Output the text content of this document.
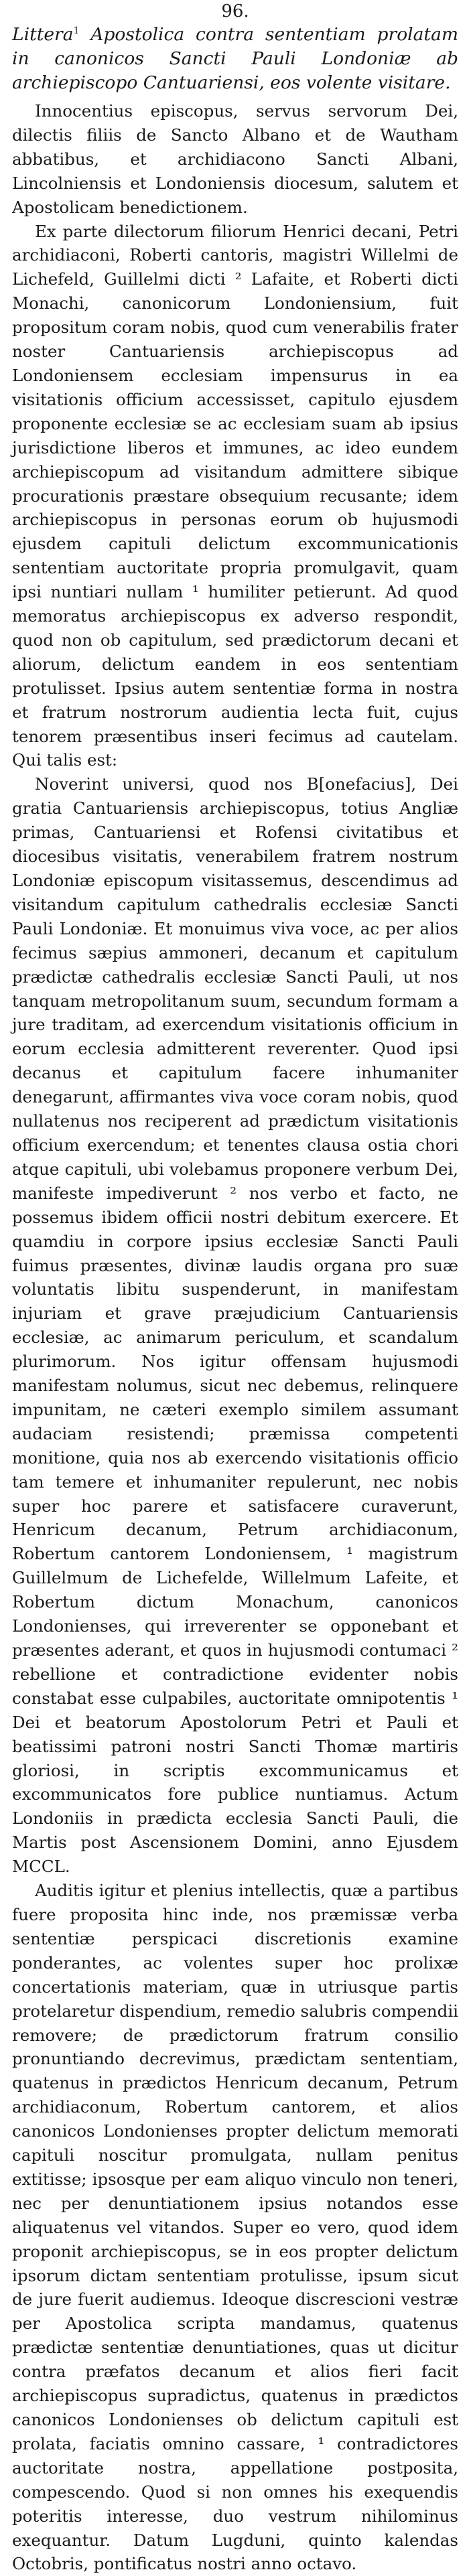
96.

Littera$^1$ Apostolica contra sententiam prolatam in canonicos Sancti Pauli Londoniæ ab archiepiscopo Cantuariensi, eos volente visitare.

Innocentius episcopus, servus servorum Dei, dilectis filiis de Sancto Albano et de Wautham abbatibus, et archidiacono Sancti Albani, Lincolniensis et Londoniensis diocesum, salutem et Apostolicam benedictionem.

Ex parte dilectorum filiorum Henrici decani, Petri archidiaconi, Roberti cantoris, magistri Willelmi de Lichefeld, Guillelmi dicti ² Lafaite, et Roberti dicti Monachi, canonicorum Londoniensium, fuit propositum coram nobis, quod cum venerabilis frater noster Cantuariensis archiepiscopus ad Londoniensem ecclesiam impensurus in ea visitationis officium accessisset, capitulo ejusdem proponente ecclesiæ se ac ecclesiam suam ab ipsius jurisdictione liberos et immunes, ac ideo eundem archiepiscopum ad visitandum admittere sibique procurationis præstare obsequium recusante; idem archiepiscopus in personas eorum ob hujusmodi ejusdem capituli delictum excommunicationis sententiam auctoritate propria promulgavit, quam ipsi nuntiari nullam ¹ humiliter petierunt. Ad quod memoratus archiepiscopus ex adverso respondit, quod non ob capitulum, sed prædictorum decani et aliorum, delictum eandem in eos sententiam protulisset. Ipsius autem sententiæ forma in nostra et fratrum nostrorum audientia lecta fuit, cujus tenorem præsentibus inseri fecimus ad cautelam. Qui talis est:

Noverint universi, quod nos B[onefacius], Dei gratia Cantuariensis archiepiscopus, totius Angliæ primas, Cantuariensi et Rofensi civitatibus et diocesibus visitatis, venerabilem fratrem nostrum Londoniæ episcopum visitassemus, descendimus ad visitandum capitulum cathedralis ecclesiæ Sancti Pauli Londoniæ. Et monuimus viva voce, ac per alios fecimus sæpius ammoneri, decanum et capitulum prædictæ cathedralis ecclesiæ Sancti Pauli, ut nos tanquam metropolitanum suum, secundum formam a jure traditam, ad exercendum visitationis officium in eorum ecclesia admitterent reverenter. Quod ipsi decanus et capitulum facere inhumaniter denegarunt, affirmantes viva voce coram nobis, quod nullatenus nos reciperent ad prædictum visitationis officium exercendum; et tenentes clausa ostia chori atque capituli, ubi volebamus proponere verbum Dei, manifeste impediverunt ² nos verbo et facto, ne possemus ibidem officii nostri debitum exercere. Et quamdiu in corpore ipsius ecclesiæ Sancti Pauli fuimus præsentes, divinæ laudis organa pro suæ voluntatis libitu suspenderunt, in manifestam injuriam et grave præjudicium Cantuariensis ecclesiæ, ac animarum periculum, et scandalum plurimorum. Nos igitur offensam hujusmodi manifestam nolumus, sicut nec debemus, relinquere impunitam, ne cæteri exemplo similem assumant audaciam resistendi; præmissa competenti monitione, quia nos ab exercendo visitationis officio tam temere et inhumaniter repulerunt, nec nobis super hoc parere et satisfacere curaverunt, Henricum decanum, Petrum archidiaconum, Robertum cantorem Londoniensem, ¹ magistrum Guillelmum de Lichefelde, Willelmum Lafeite, et Robertum dictum Monachum, canonicos Londonienses, qui irreverenter se opponebant et præsentes aderant, et quos in hujusmodi contumaci ² rebellione et contradictione evidenter nobis constabat esse culpabiles, auctoritate omnipotentis ¹ Dei et beatorum Apostolorum Petri et Pauli et beatissimi patroni nostri Sancti Thomæ martiris gloriosi, in scriptis excommunicamus et excommunicatos fore publice nuntiamus. Actum Londoniis in prædicta ecclesia Sancti Pauli, die Martis post Ascensionem Domini, anno Ejusdem MCCL.

Auditis igitur et plenius intellectis, quæ a partibus fuere proposita hinc inde, nos præmissæ verba sententiæ perspicaci discretionis examine ponderantes, ac volentes super hoc prolixæ concertationis materiam, quæ in utriusque partis protelaretur dispendium, remedio salubris compendii removere; de prædictorum fratrum consilio pronuntiando decrevimus, prædictam sententiam, quatenus in prædictos Henricum decanum, Petrum archidiaconum, Robertum cantorem, et alios canonicos Londonienses propter delictum memorati capituli noscitur promulgata, nullam penitus extitisse; ipsosque per eam aliquo vinculo non teneri, nec per denuntiationem ipsius notandos esse aliquatenus vel vitandos. Super eo vero, quod idem proponit archiepiscopus, se in eos propter delictum ipsorum dictam sententiam protulisse, ipsum sicut de jure fuerit audiemus. Ideoque discrescioni vestræ per Apostolica scripta mandamus, quatenus prædictæ sententiæ denuntiationes, quas ut dicitur contra præfatos decanum et alios fieri facit archiepiscopus supradictus, quatenus in prædictos canonicos Londonienses ob delictum capituli est prolata, faciatis omnino cassare, ¹ contradictores auctoritate nostra, appellatione postposita, compescendo. Quod si non omnes his exequendis poteritis interesse, duo vestrum nihilominus exequantur. Datum Lugduni, quinto kalendas Octobris, pontificatus nostri anno octavo.
